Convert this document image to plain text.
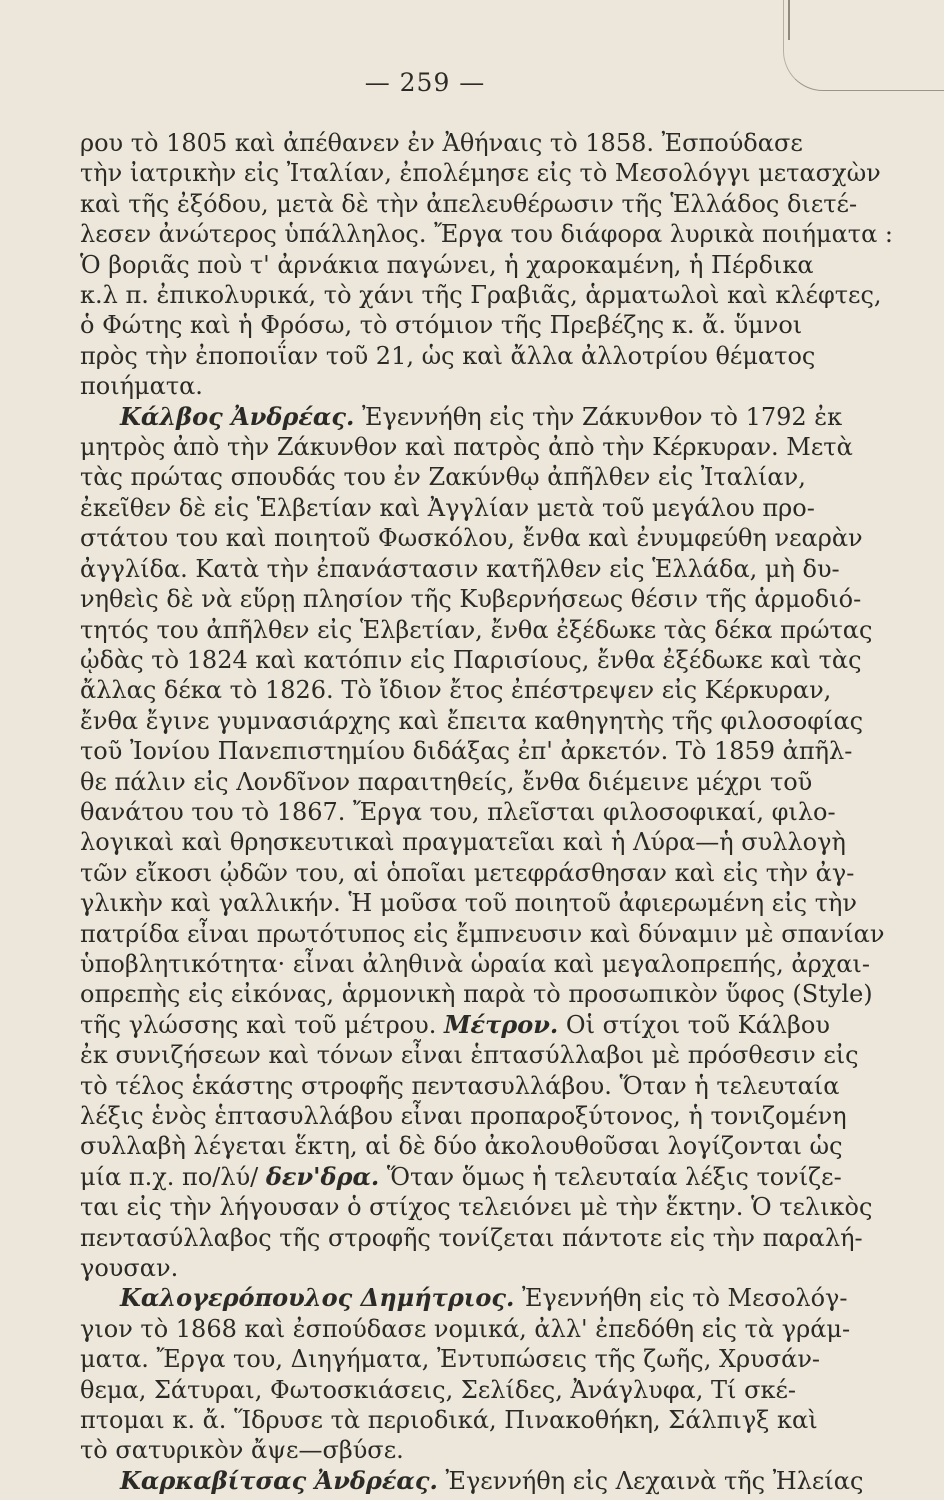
— 259 —
ρου τὸ 1805 καὶ ἀπέθανεν ἐν Ἀθήναις τὸ 1858. Ἐσπούδασε
τὴν ἰατρικὴν εἰς Ἰταλίαν, ἐπολέμησε εἰς τὸ Μεσολόγγι μετασχὼν
καὶ τῆς ἐξόδου, μετὰ δὲ τὴν ἀπελευθέρωσιν τῆς Ἑλλάδος διετέ-
λεσεν ἀνώτερος ὑπάλληλος. Ἔργα του διάφορα λυρικὰ ποιήματα :
Ὁ βοριᾶς ποὺ τ' ἀρνάκια παγώνει, ἡ χαροκαμένη, ἡ Πέρδικα
κ.λ π. ἐπικολυρικά, τὸ χάνι τῆς Γραβιᾶς, ἁρματωλοὶ καὶ κλέφτες,
ὁ Φώτης καὶ ἡ Φρόσω, τὸ στόμιον τῆς Πρεβέζης κ. ἄ. ὕμνοι
πρὸς τὴν ἐποποιΐαν τοῦ 21, ὡς καὶ ἄλλα ἀλλοτρίου θέματος
ποιήματα.
Κάλβος Ἀνδρέας. Ἐγεννήθη εἰς τὴν Ζάκυνθον τὸ 1792 ἐκ
μητρὸς ἀπὸ τὴν Ζάκυνθον καὶ πατρὸς ἀπὸ τὴν Κέρκυραν. Μετὰ
τὰς πρώτας σπουδάς του ἐν Ζακύνθῳ ἀπῆλθεν εἰς Ἰταλίαν,
ἐκεῖθεν δὲ εἰς Ἑλβετίαν καὶ Ἀγγλίαν μετὰ τοῦ μεγάλου προ-
στάτου του καὶ ποιητοῦ Φωσκόλου, ἔνθα καὶ ἐνυμφεύθη νεαρὰν
ἀγγλίδα. Κατὰ τὴν ἐπανάστασιν κατῆλθεν εἰς Ἑλλάδα, μὴ δυ-
νηθεὶς δὲ νὰ εὕρῃ πλησίον τῆς Κυβερνήσεως θέσιν τῆς ἁρμοδιό-
τητός του ἀπῆλθεν εἰς Ἑλβετίαν, ἔνθα ἐξέδωκε τὰς δέκα πρώτας
ᾠδὰς τὸ 1824 καὶ κατόπιν εἰς Παρισίους, ἔνθα ἐξέδωκε καὶ τὰς
ἄλλας δέκα τὸ 1826. Τὸ ἴδιον ἔτος ἐπέστρεψεν εἰς Κέρκυραν,
ἔνθα ἔγινε γυμνασιάρχης καὶ ἔπειτα καθηγητὴς τῆς φιλοσοφίας
τοῦ Ἰονίου Πανεπιστημίου διδάξας ἐπ' ἀρκετόν. Τὸ 1859 ἀπῆλ-
θε πάλιν εἰς Λονδῖνον παραιτηθείς, ἔνθα διέμεινε μέχρι τοῦ
θανάτου του τὸ 1867. Ἔργα του, πλεῖσται φιλοσοφικαί, φιλο-
λογικαὶ καὶ θρησκευτικαὶ πραγματεῖαι καὶ ἡ Λύρα—ἡ συλλογὴ
τῶν εἴκοσι ᾠδῶν του, αἱ ὁποῖαι μετεφράσθησαν καὶ εἰς τὴν ἀγ-
γλικὴν καὶ γαλλικήν. Ἡ μοῦσα τοῦ ποιητοῦ ἀφιερωμένη εἰς τὴν
πατρίδα εἶναι πρωτότυπος εἰς ἔμπνευσιν καὶ δύναμιν μὲ σπανίαν
ὑποβλητικότητα· εἶναι ἀληθινὰ ὡραία καὶ μεγαλοπρεπής, ἀρχαι-
οπρεπὴς εἰς εἰκόνας, ἁρμονικὴ παρὰ τὸ προσωπικὸν ὕφος (Style)
τῆς γλώσσης καὶ τοῦ μέτρου. Μέτρον. Οἱ στίχοι τοῦ Κάλβου
ἐκ συνιζήσεων καὶ τόνων εἶναι ἑπτασύλλαβοι μὲ πρόσθεσιν εἰς
τὸ τέλος ἑκάστης στροφῆς πεντασυλλάβου. Ὅταν ἡ τελευταία
λέξις ἑνὸς ἑπτασυλλάβου εἶναι προπαροξύτονος, ἡ τονιζομένη
συλλαβὴ λέγεται ἕκτη, αἱ δὲ δύο ἀκολουθοῦσαι λογίζονται ὡς
μία π.χ. πο/λύ/ δεν'δρα. Ὅταν ὅμως ἡ τελευταία λέξις τονίζε-
ται εἰς τὴν λήγουσαν ὁ στίχος τελειόνει μὲ τὴν ἕκτην. Ὁ τελικὸς
πεντασύλλαβος τῆς στροφῆς τονίζεται πάντοτε εἰς τὴν παραλή-
γουσαν.
Καλογερόπουλος Δημήτριος. Ἐγεννήθη εἰς τὸ Μεσολόγ-
γιον τὸ 1868 καὶ ἐσπούδασε νομικά, ἀλλ' ἐπεδόθη εἰς τὰ γράμ-
ματα. Ἔργα του, Διηγήματα, Ἐντυπώσεις τῆς ζωῆς, Χρυσάν-
θεμα, Σάτυραι, Φωτοσκιάσεις, Σελίδες, Ἀνάγλυφα, Τί σκέ-
πτομαι κ. ἄ. Ἵδρυσε τὰ περιοδικά, Πινακοθήκη, Σάλπιγξ καὶ
τὸ σατυρικὸν ἄψε—σβύσε.
Καρκαβίτσας Ἀνδρέας. Ἐγεννήθη εἰς Λεχαινὰ τῆς Ἠλείας
